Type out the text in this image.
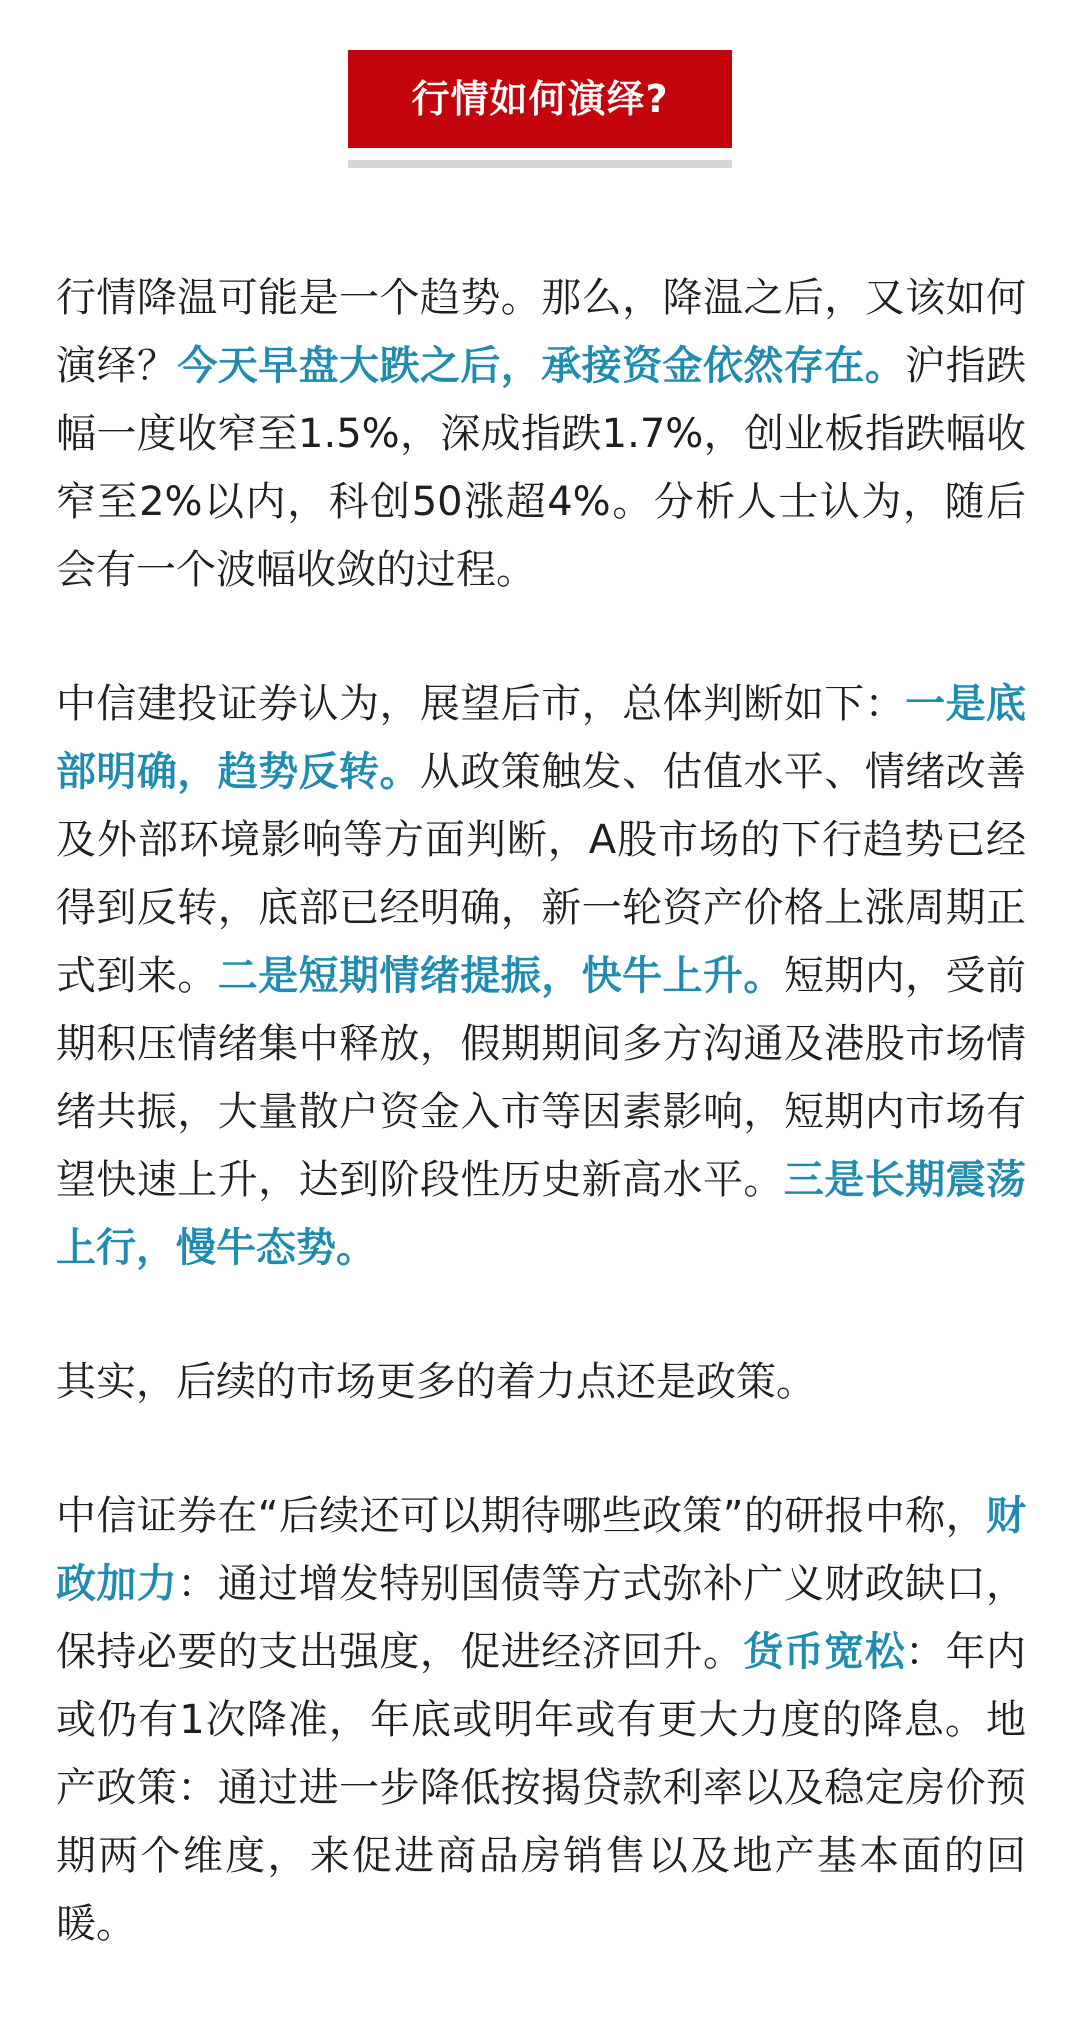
行情如何演绎?

行情降温可能是一个趋势。那么，降温之后，又该如何演绎？今天早盘大跌之后，承接资金依然存在。沪指跌幅一度收窄至1.5%，深成指跌1.7%，创业板指跌幅收窄至2%以内，科创50涨超4%。分析人士认为，随后会有一个波幅收敛的过程。

中信建投证券认为，展望后市，总体判断如下：一是底部明确，趋势反转。从政策触发、估值水平、情绪改善及外部环境影响等方面判断，A股市场的下行趋势已经得到反转，底部已经明确，新一轮资产价格上涨周期正式到来。二是短期情绪提振，快牛上升。短期内，受前期积压情绪集中释放，假期期间多方沟通及港股市场情绪共振，大量散户资金入市等因素影响，短期内市场有望快速上升，达到阶段性历史新高水平。三是长期震荡上行，慢牛态势。

其实，后续的市场更多的着力点还是政策。

中信证券在“后续还可以期待哪些政策”的研报中称，财政加力：通过增发特别国债等方式弥补广义财政缺口，保持必要的支出强度，促进经济回升。货币宽松：年内或仍有1次降准，年底或明年或有更大力度的降息。地产政策：通过进一步降低按揭贷款利率以及稳定房价预期两个维度，来促进商品房销售以及地产基本面的回暖。
